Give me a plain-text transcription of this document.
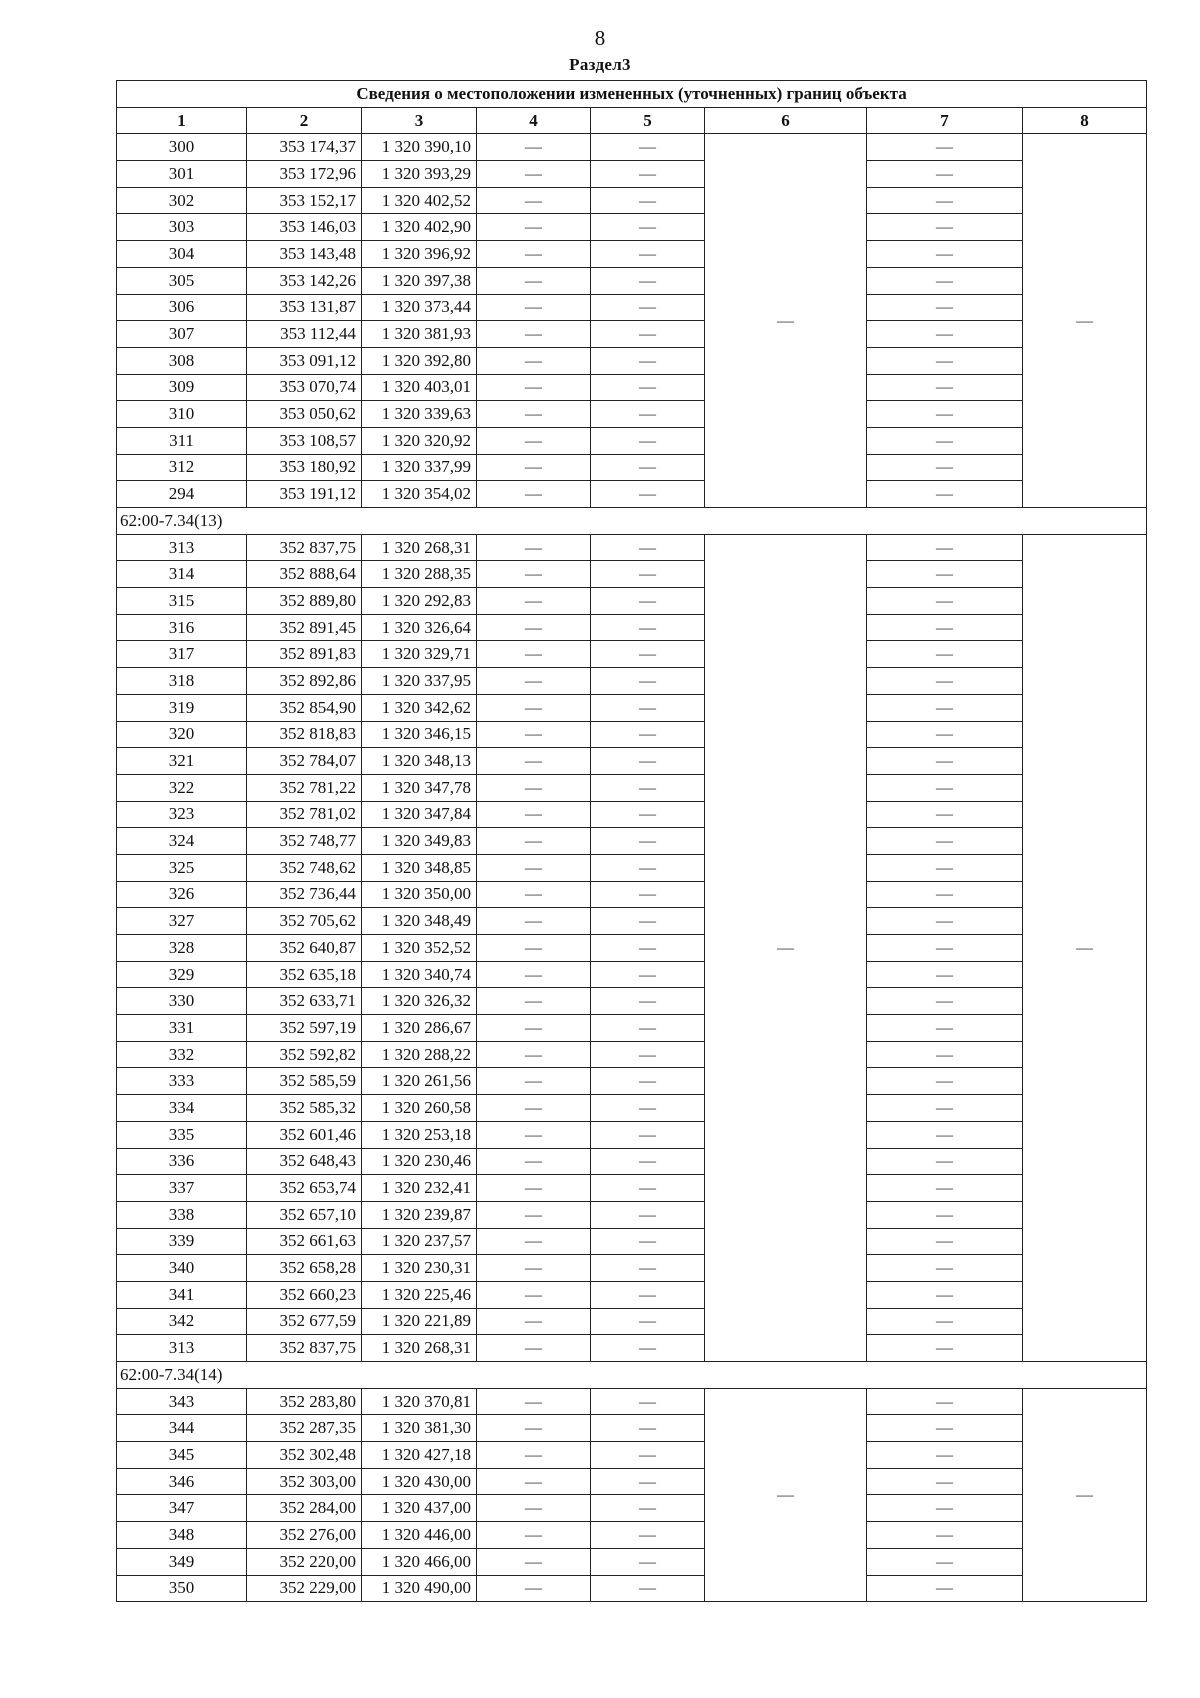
8
Раздел3
Сведения о местоположении измененных (уточненных) границ объекта							
1	2	3	4	5	6	7	8
300	353 174,37	1 320 390,10	—	—	—	—	—
301	353 172,96	1 320 393,29	—	—		—	
302	353 152,17	1 320 402,52	—	—		—	
303	353 146,03	1 320 402,90	—	—		—	
304	353 143,48	1 320 396,92	—	—		—	
305	353 142,26	1 320 397,38	—	—		—	
306	353 131,87	1 320 373,44	—	—		—	
307	353 112,44	1 320 381,93	—	—		—	
308	353 091,12	1 320 392,80	—	—		—	
309	353 070,74	1 320 403,01	—	—		—	
310	353 050,62	1 320 339,63	—	—		—	
311	353 108,57	1 320 320,92	—	—		—	
312	353 180,92	1 320 337,99	—	—		—	
294	353 191,12	1 320 354,02	—	—		—	
62:00-7.34(13)							
313	352 837,75	1 320 268,31	—	—	—	—	—
314	352 888,64	1 320 288,35	—	—		—	
315	352 889,80	1 320 292,83	—	—		—	
316	352 891,45	1 320 326,64	—	—		—	
317	352 891,83	1 320 329,71	—	—		—	
318	352 892,86	1 320 337,95	—	—		—	
319	352 854,90	1 320 342,62	—	—		—	
320	352 818,83	1 320 346,15	—	—		—	
321	352 784,07	1 320 348,13	—	—		—	
322	352 781,22	1 320 347,78	—	—		—	
323	352 781,02	1 320 347,84	—	—		—	
324	352 748,77	1 320 349,83	—	—		—	
325	352 748,62	1 320 348,85	—	—		—	
326	352 736,44	1 320 350,00	—	—		—	
327	352 705,62	1 320 348,49	—	—		—	
328	352 640,87	1 320 352,52	—	—		—	
329	352 635,18	1 320 340,74	—	—		—	
330	352 633,71	1 320 326,32	—	—		—	
331	352 597,19	1 320 286,67	—	—		—	
332	352 592,82	1 320 288,22	—	—		—	
333	352 585,59	1 320 261,56	—	—		—	
334	352 585,32	1 320 260,58	—	—		—	
335	352 601,46	1 320 253,18	—	—		—	
336	352 648,43	1 320 230,46	—	—		—	
337	352 653,74	1 320 232,41	—	—		—	
338	352 657,10	1 320 239,87	—	—		—	
339	352 661,63	1 320 237,57	—	—		—	
340	352 658,28	1 320 230,31	—	—		—	
341	352 660,23	1 320 225,46	—	—		—	
342	352 677,59	1 320 221,89	—	—		—	
313	352 837,75	1 320 268,31	—	—		—	
62:00-7.34(14)							
343	352 283,80	1 320 370,81	—	—	—	—	—
344	352 287,35	1 320 381,30	—	—		—	
345	352 302,48	1 320 427,18	—	—		—	
346	352 303,00	1 320 430,00	—	—		—	
347	352 284,00	1 320 437,00	—	—		—	
348	352 276,00	1 320 446,00	—	—		—	
349	352 220,00	1 320 466,00	—	—		—	
350	352 229,00	1 320 490,00	—	—		—	
